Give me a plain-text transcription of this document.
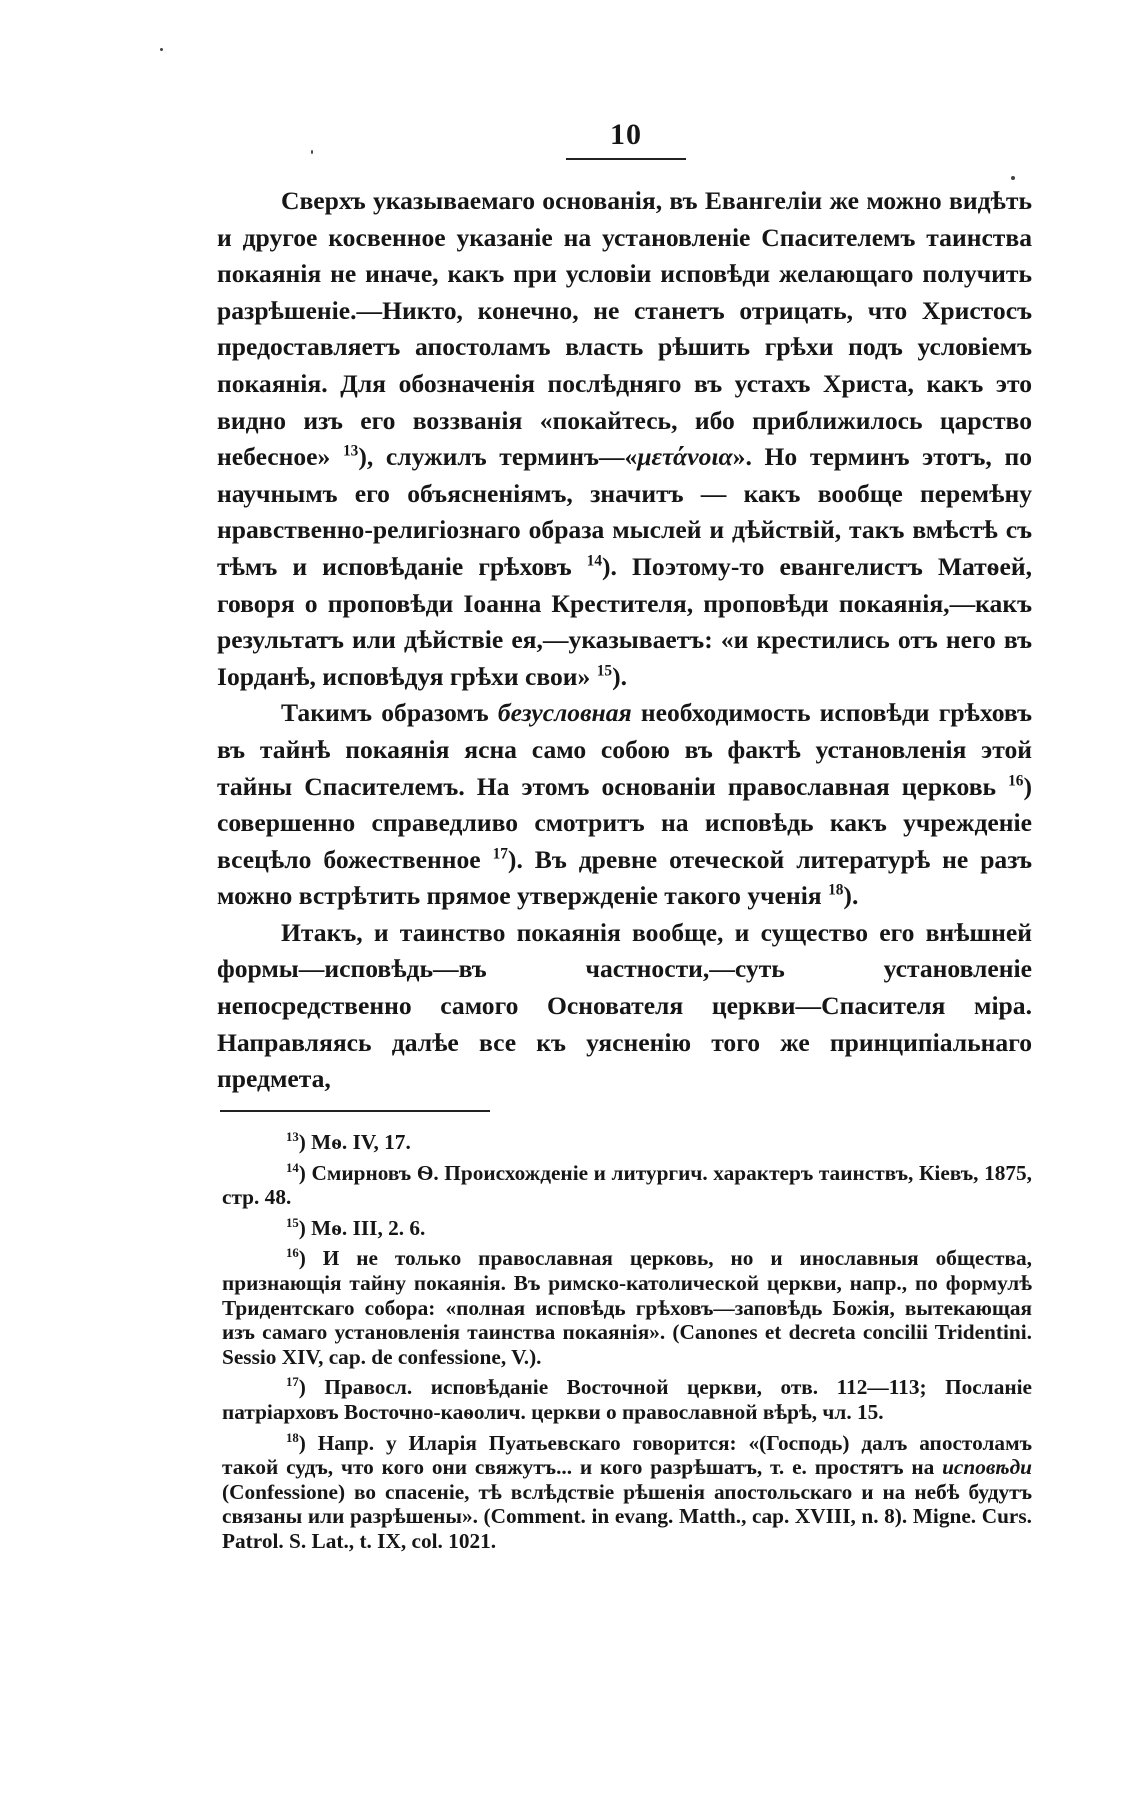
10

Сверхъ указываемаго основанія, въ Евангеліи же можно видѣть и другое косвенное указаніе на установленіе Спасителемъ таинства покаянія не иначе, какъ при условіи исповѣди желающаго получить разрѣшеніе.—Никто, конечно, не станетъ отрицать, что Христосъ предоставляетъ апостоламъ власть рѣшить грѣхи подъ условіемъ покаянія. Для обозначенія послѣдняго въ устахъ Христа, какъ это видно изъ его воззванія «покайтесь, ибо приближилось царство небесное» $^{13}$), служилъ терминъ—«μετάνοια». Но терминъ этотъ, по научнымъ его объясненіямъ, значитъ — какъ вообще перемѣну нравственно-религіознаго образа мыслей и дѣйствій, такъ вмѣстѣ съ тѣмъ и исповѣданіе грѣховъ $^{14}$). Поэтому-то евангелистъ Матѳей, говоря о проповѣди Іоанна Крестителя, проповѣди покаянія,—какъ результатъ или дѣйствіе ея,—указываетъ: «и крестились отъ него въ Іорданѣ, исповѣдуя грѣхи свои» $^{15}$).

Такимъ образомъ безусловная необходимость исповѣди грѣховъ въ тайнѣ покаянія ясна само собою въ фактѣ установленія этой тайны Спасителемъ. На этомъ основаніи православная церковь $^{16}$) совершенно справедливо смотритъ на исповѣдь какъ учрежденіе всецѣло божественное $^{17}$). Въ древне отеческой литературѣ не разъ можно встрѣтить прямое утвержденіе такого ученія $^{18}$).

Итакъ, и таинство покаянія вообще, и существо его внѣшней формы—исповѣдь—въ частности,—суть установленіе непосредственно самого Основателя церкви—Спасителя міра. Направляясь далѣе все къ уясненію того же принципіальнаго предмета,

$^{13}$) Мѳ. IV, 17.

$^{14}$) Смирновъ Ѳ. Происхожденіе и литургич. характеръ таинствъ, Кіевъ, 1875, стр. 48.

$^{15}$) Мѳ. III, 2. 6.

$^{16}$) И не только православная церковь, но и инославныя общества, признающія тайну покаянія. Въ римско-католической церкви, напр., по формулѣ Тридентскаго собора: «полная исповѣдь грѣховъ—заповѣдь Божія, вытекающая изъ самаго установленія таинства покаянія». (Canones et decreta concilii Tridentini. Sessio XIV, cap. de confessione, V.).

$^{17}$) Правосл. исповѣданіе Восточной церкви, отв. 112—113; Посланіе патріарховъ Восточно-каѳолич. церкви о православной вѣрѣ, чл. 15.

$^{18}$) Напр. у Иларія Пуатьевскаго говорится: «(Господь) далъ апостоламъ такой судъ, что кого они свяжутъ... и кого разрѣшатъ, т. е. простятъ на исповѣди (Confessione) во спасеніе, тѣ вслѣдствіе рѣшенія апостольскаго и на небѣ будутъ связаны или разрѣшены». (Comment. in evang. Matth., cap. XVIII, n. 8). Migne. Curs. Patrol. S. Lat., t. IX, col. 1021.
